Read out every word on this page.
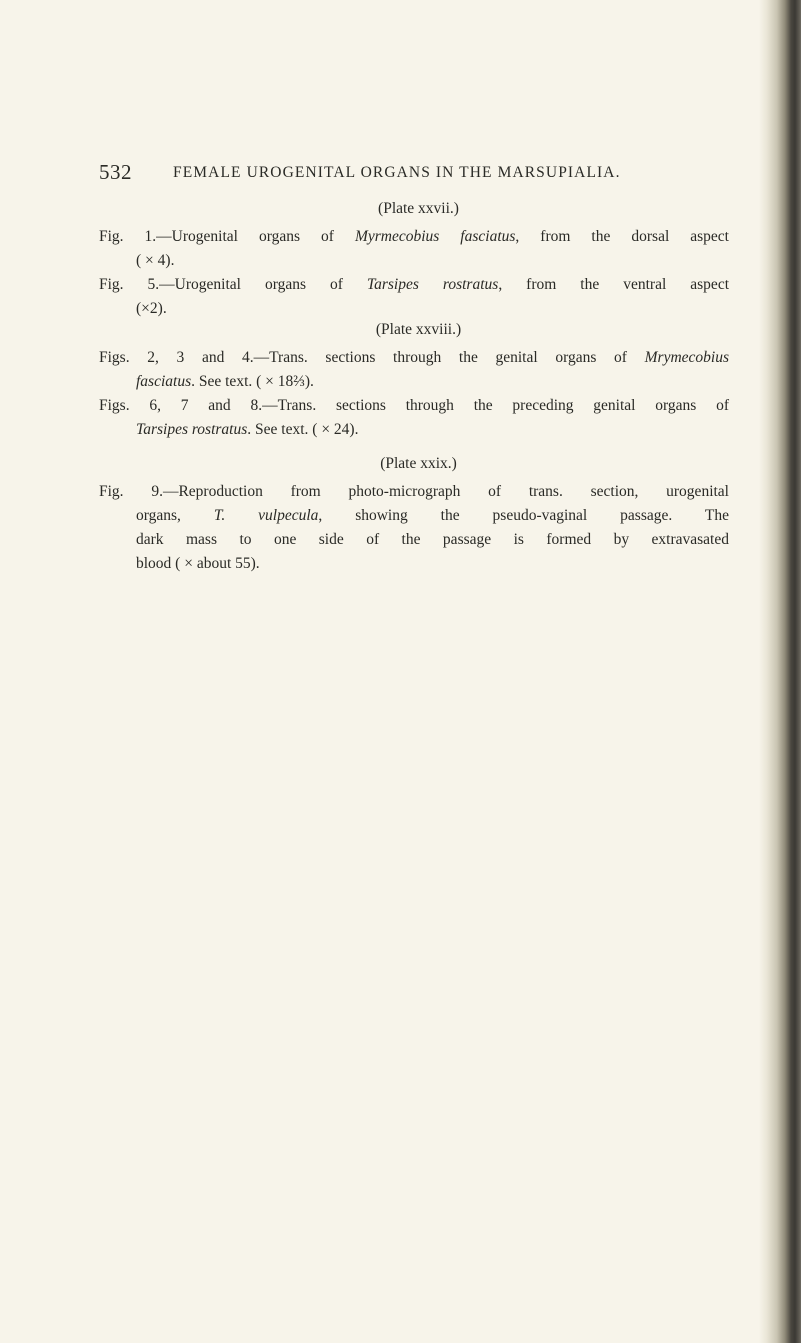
532	FEMALE UROGENITAL ORGANS IN THE MARSUPIALIA.
(Plate xxvii.)
Fig. 1.—Urogenital organs of Myrmecobius fasciatus, from the dorsal aspect
( × 4).
Fig. 5.—Urogenital organs of Tarsipes rostratus, from the ventral aspect
(×2).
(Plate xxviii.)
Figs. 2, 3 and 4.—Trans. sections through the genital organs of Mrymecobius
fasciatus. See text. ( × 18⅔).
Figs. 6, 7 and 8.—Trans. sections through the preceding genital organs of
Tarsipes rostratus. See text. ( × 24).
(Plate xxix.)
Fig. 9.—Reproduction from photo-micrograph of trans. section, urogenital
organs, T. vulpecula, showing the pseudo-vaginal passage. The
dark mass to one side of the passage is formed by extravasated
blood ( × about 55).
